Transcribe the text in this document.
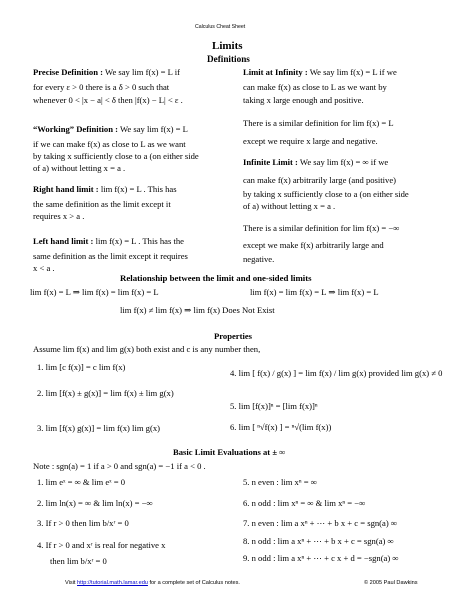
Calculus Cheat Sheet
Limits
Definitions
Precise Definition : We say lim f(x) = L if
for every ε > 0 there is a δ > 0 such that
whenever 0 < |x − a| < δ then |f(x) − L| < ε .
“Working” Definition : We say lim f(x) = L
if we can make f(x) as close to L as we want
by taking x sufficiently close to a (on either side
of a) without letting x = a .
Right hand limit : lim f(x) = L . This has
the same definition as the limit except it
requires x > a .
Left hand limit : lim f(x) = L . This has the
same definition as the limit except it requires
x < a .
Limit at Infinity : We say lim f(x) = L if we
can make f(x) as close to L as we want by
taking x large enough and positive.
There is a similar definition for lim f(x) = L
except we require x large and negative.
Infinite Limit : We say lim f(x) = ∞ if we
can make f(x) arbitrarily large (and positive)
by taking x sufficiently close to a (on either side
of a) without letting x = a .
There is a similar definition for lim f(x) = −∞
except we make f(x) arbitrarily large and
negative.
Relationship between the limit and one-sided limits
lim f(x) = L ⇒ lim f(x) = lim f(x) = L	lim f(x) = lim f(x) = L ⇒ lim f(x) = L
lim f(x) ≠ lim f(x) ⇒ lim f(x) Does Not Exist
Properties
Assume lim f(x) and lim g(x) both exist and c is any number then,
1. lim [c f(x)] = c lim f(x)
2. lim [f(x) ± g(x)] = lim f(x) ± lim g(x)
3. lim [f(x) g(x)] = lim f(x) lim g(x)
4. lim [ f(x) / g(x) ] = lim f(x) / lim g(x) provided lim g(x) ≠ 0
5. lim [f(x)]ⁿ = [lim f(x)]ⁿ
6. lim [ ⁿ√f(x) ] = ⁿ√(lim f(x))
Basic Limit Evaluations at ± ∞
Note : sgn(a) = 1 if a > 0 and sgn(a) = −1 if a < 0 .
1. lim eˣ = ∞ & lim eˣ = 0
2. lim ln(x) = ∞ & lim ln(x) = −∞
3. If r > 0 then lim b/xʳ = 0
4. If r > 0 and xʳ is real for negative x
then lim b/xʳ = 0
5. n even : lim xⁿ = ∞
6. n odd : lim xⁿ = ∞ & lim xⁿ = −∞
7. n even : lim a xⁿ + ⋯ + b x + c = sgn(a) ∞
8. n odd : lim a xⁿ + ⋯ + b x + c = sgn(a) ∞
9. n odd : lim a xⁿ + ⋯ + c x + d = −sgn(a) ∞
Visit http://tutorial.math.lamar.edu for a complete set of Calculus notes.	© 2005 Paul Dawkins
